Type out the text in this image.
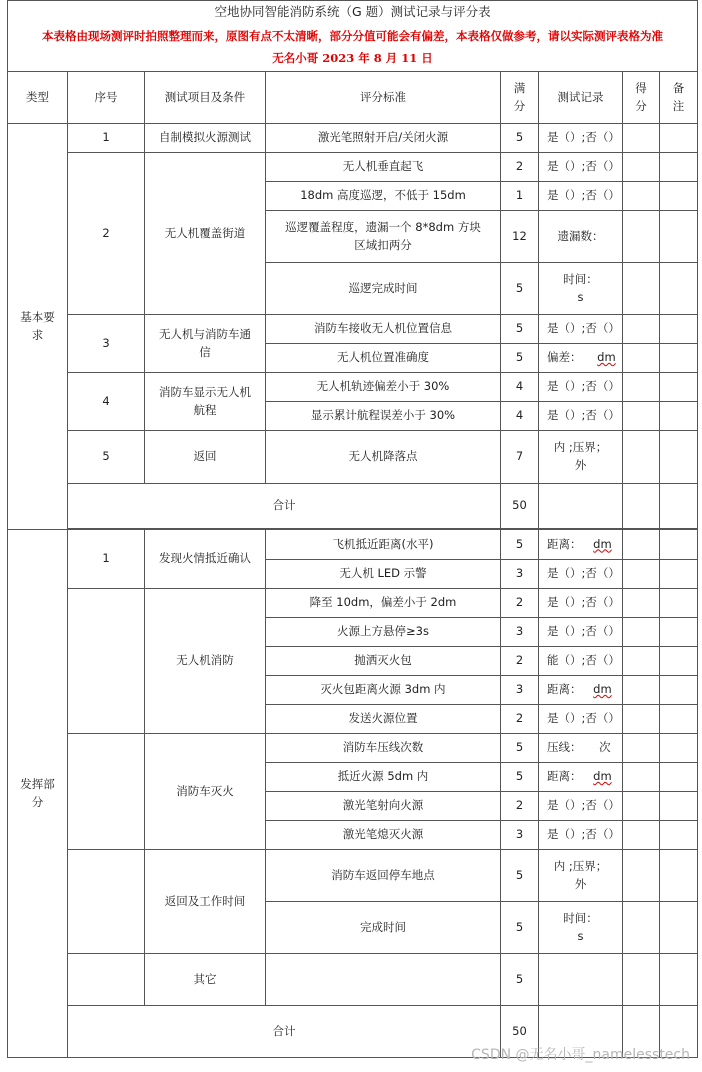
空地协同智能消防系统（G 题）测试记录与评分表							

本表格由现场测评时拍照整理而来，原图有点不太清晰，部分分值可能会有偏差，本表格仅做参考，请以实际测评表格为准
无名小哥 2023 年 8 月 11 日							

类型	序号	测试项目及条件	评分标准	满分	测试记录	得分	备注
基本要求	1	自制模拟火源测试	激光笔照射开启/关闭火源	5	是（）;否（）		
	2	无人机覆盖街道	无人机垂直起飞	2	是（）;否（）		
			18dm 高度巡逻，不低于 15dm	1	是（）;否（）		
			巡逻覆盖程度，遗漏一个 8*8dm 方块区域扣两分	12	遗漏数：		
			巡逻完成时间	5	时间：
s		

	3	无人机与消防车通信	消防车接收无人机位置信息	5	是（）;否（）		
			无人机位置准确度	5	偏差： dm		
	4	消防车显示无人机航程	无人机轨迹偏差小于 30%	4	是（）;否（）		
			显示累计航程误差小于 30%	4	是（）;否（）		
	5	返回	无人机降落点	7	内 ;压界；外		
	合计			50			

发挥部分	1	发现火情抵近确认	飞机抵近距离(水平)	5	距离： dm		
			无人机 LED 示警	3	是（）;否（）		
		无人机消防	降至 10dm，偏差小于 2dm	2	是（）;否（）		
			火源上方悬停≥3s	3	是（）;否（）		
			抛洒灭火包	2	能（）;否（）		
			灭火包距离火源 3dm 内	3	距离： dm		
			发送火源位置	2	是（）;否（）		
		消防车灭火	消防车压线次数	5	压线： 次		
			抵近火源 5dm 内	5	距离： dm		
			激光笔射向火源	2	是（）;否（）		
			激光笔熄灭火源	3	是（）;否（）		
		返回及工作时间	消防车返回停车地点	5	内 ;压界；外		
			完成时间	5	时间：
s		

		其它		5			
	合计			50			
CSDN @无名小哥_namelesstech
